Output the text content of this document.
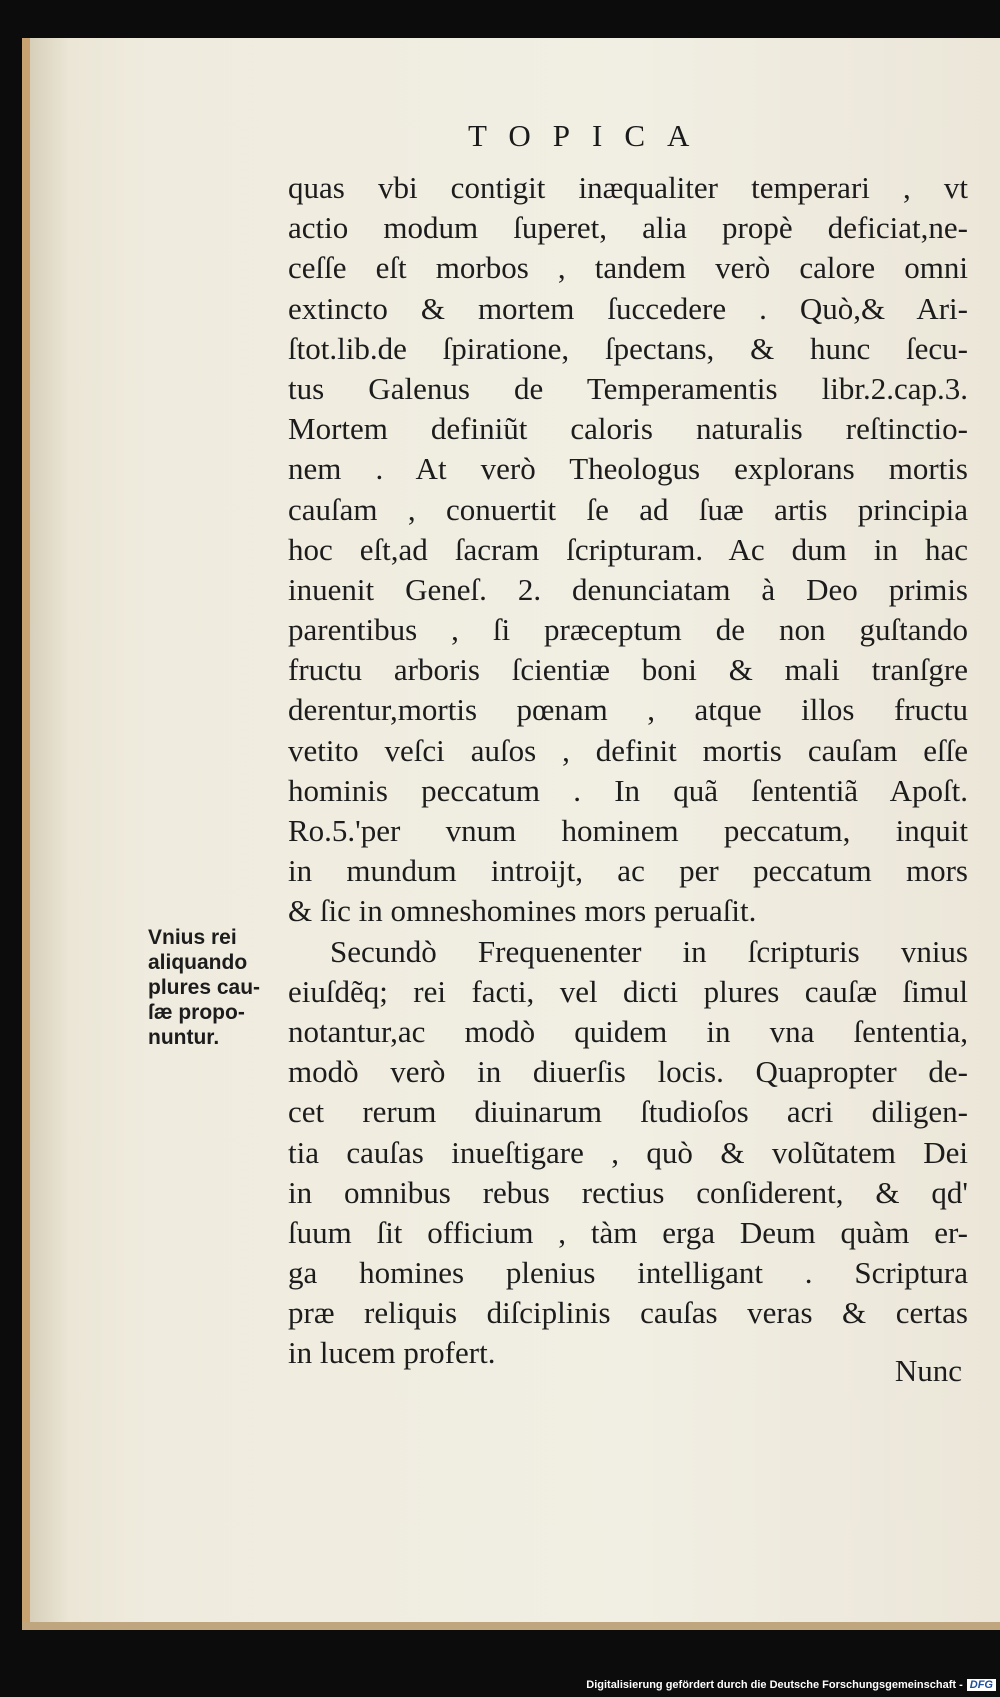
TOPICA
quas vbi contigit inæqualiter temperari , vt
actio modum ſuperet, alia propè deficiat,ne-
ceſſe eſt morbos , tandem verò calore omni
extincto & mortem ſuccedere . Quò,& Ari-
ſtot.lib.de ſpiratione, ſpectans, & hunc ſecu-
tus Galenus de Temperamentis libr.2.cap.3.
Mortem definiũt caloris naturalis reſtinctio-
nem . At verò Theologus explorans mortis
cauſam , conuertit ſe ad ſuæ artis principia
hoc eſt,ad ſacram ſcripturam. Ac dum in hac
inuenit Geneſ. 2. denunciatam à Deo primis
parentibus , ſi præceptum de non guſtando
fructu arboris ſcientiæ boni & mali tranſgre
derentur,mortis pœnam , atque illos fructu
vetito veſci auſos , definit mortis cauſam eſſe
hominis peccatum . In quã ſententiã Apoſt.
Ro.5.'per vnum hominem peccatum, inquit
in mundum introijt, ac per peccatum mors
& ſic in omneshomines mors peruaſit.
Secundò Frequenenter in ſcripturis vnius
eiuſdẽq; rei facti, vel dicti plures cauſæ ſimul
notantur,ac modò quidem in vna ſententia,
modò verò in diuerſis locis. Quapropter de-
cet rerum diuinarum ſtudioſos acri diligen-
tia cauſas inueſtigare , quò & volũtatem Dei
in omnibus rebus rectius conſiderent, & qd'
ſuum ſit officium , tàm erga Deum quàm er-
ga homines plenius intelligant . Scriptura
præ reliquis diſciplinis cauſas veras & certas
in lucem profert.
Vnius rei
aliquando
plures cau-
ſæ propo-
nuntur.
Nunc
Digitalisierung gefördert durch die Deutsche Forschungsgemeinschaft - DFG
